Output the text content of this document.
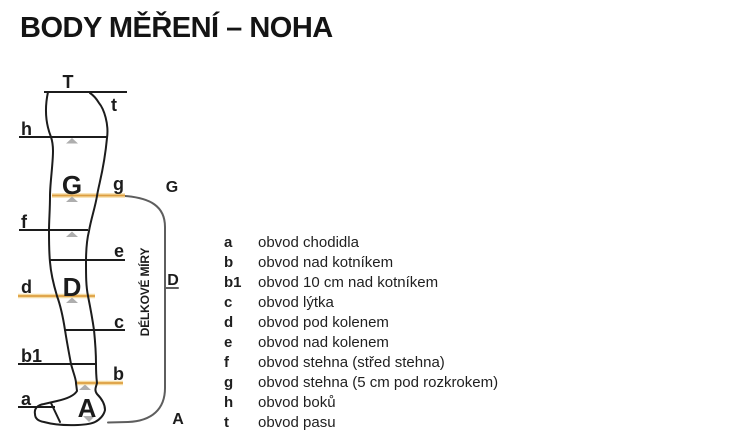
BODY MĚŘENÍ – NOHA
T
t
h
G g	G
f
e
d D	D
c
b1
b
a A	A
DÉLKOVÉ MÍRY
a	obvod chodidla
b	obvod nad kotníkem
b1	obvod 10 cm nad kotníkem
c	obvod lýtka
d	obvod pod kolenem
e	obvod nad kolenem
f	obvod stehna (střed stehna)
g	obvod stehna (5 cm pod rozkrokem)
h	obvod boků
t	obvod pasu
